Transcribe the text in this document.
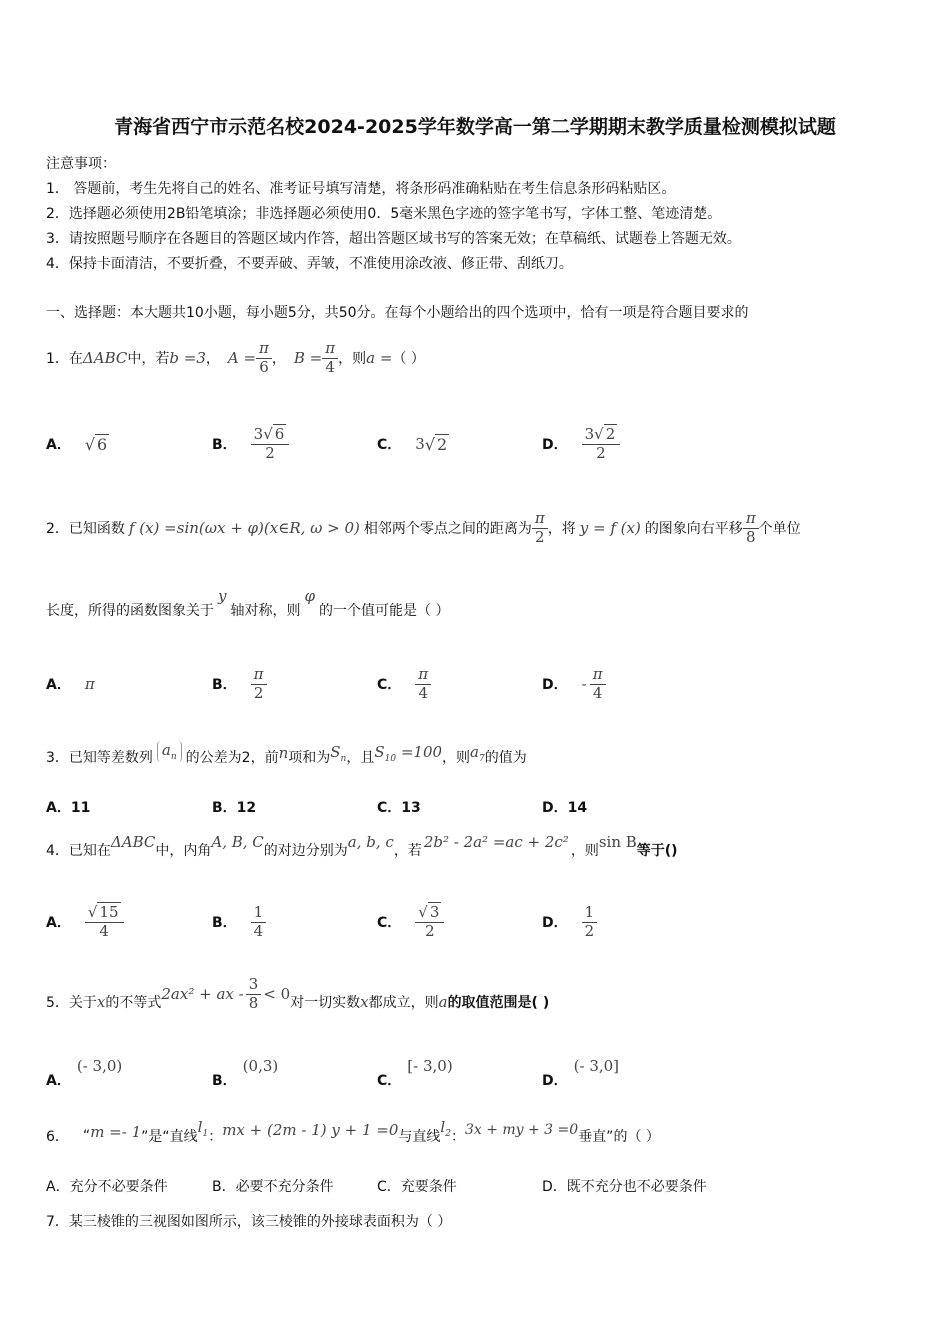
青海省西宁市示范名校2024-2025学年数学高一第二学期期末教学质量检测模拟试题
注意事项：
1． 答题前，考生先将自己的姓名、准考证号填写清楚，将条形码准确粘贴在考生信息条形码粘贴区。
2．选择题必须使用2B铅笔填涂；非选择题必须使用0．5毫米黑色字迹的签字笔书写，字体工整、笔迹清楚。
3．请按照题号顺序在各题目的答题区域内作答，超出答题区域书写的答案无效；在草稿纸、试题卷上答题无效。
4．保持卡面清洁，不要折叠，不要弄破、弄皱，不准使用涂改液、修正带、刮纸刀。
一、选择题：本大题共10小题，每小题5分，共50分。在每个小题给出的四个选项中，恰有一项是符合题目要求的
1． 在 ΔABC 中，若 b =3 ， $A = \frac{\pi}{6}$ ， $B = \frac{\pi}{4}$ ，则 a = （ ）
A． √ 6	B． $\frac{3√ 6}{2}$	C． 3 √ 2	D． $\frac{3√ 2}{2}$
2． 已知函数 f (x) =sin(ωx + φ)(x∈R, ω > 0) 相邻两个零点之间的距离为 $\frac{\pi}{2}$ ，将 y = f (x) 的图象向右平移 $\frac{\pi}{8}$ 个单位
长度，所得的函数图象关于
y
轴对称，则
φ
的一个值可能是（ ）
A． π	B． $\frac{\pi}{2}$	C． $\frac{\pi}{4}$	D． - $\frac{\pi}{4}$
3． 已知等差数列 $a_n$ 的公差为2，前 n 项和为 $S_n$ ，且 $S_{10} =100$ ，则 $a_7$ 的值为
A．11	B．12	C．13	D．14
4． 已知在 ΔABC 中，内角 A, B, C 的对边分别为 a, b, c ，若 2b² - 2a² =ac + 2c² ，则 sin B 等于()
A． $\frac{√ 15}{4}$	B． $\frac{1}{4}$	C． $\frac{√ 3}{2}$	D． $\frac{1}{2}$
5． 关于 x 的不等式 2ax² + ax - $\frac{3}{8} < 0$ 对一切实数 x 都成立，则 a 的取值范围是( )
A．
(- 3,0)
B．
(0,3)
C．
[- 3,0)
D．
(- 3,0]
6． “ m =- 1 ”是“直线
$l_1$ ： mx + (2m - 1) y + 1 =0 与直线
$l_2$ ： 3x + my + 3 =0 垂直”的（ ）
A．充分不必要条件	B．必要不充分条件	C．充要条件	D．既不充分也不必要条件
7．某三棱锥的三视图如图所示，该三棱锥的外接球表面积为（ ）
